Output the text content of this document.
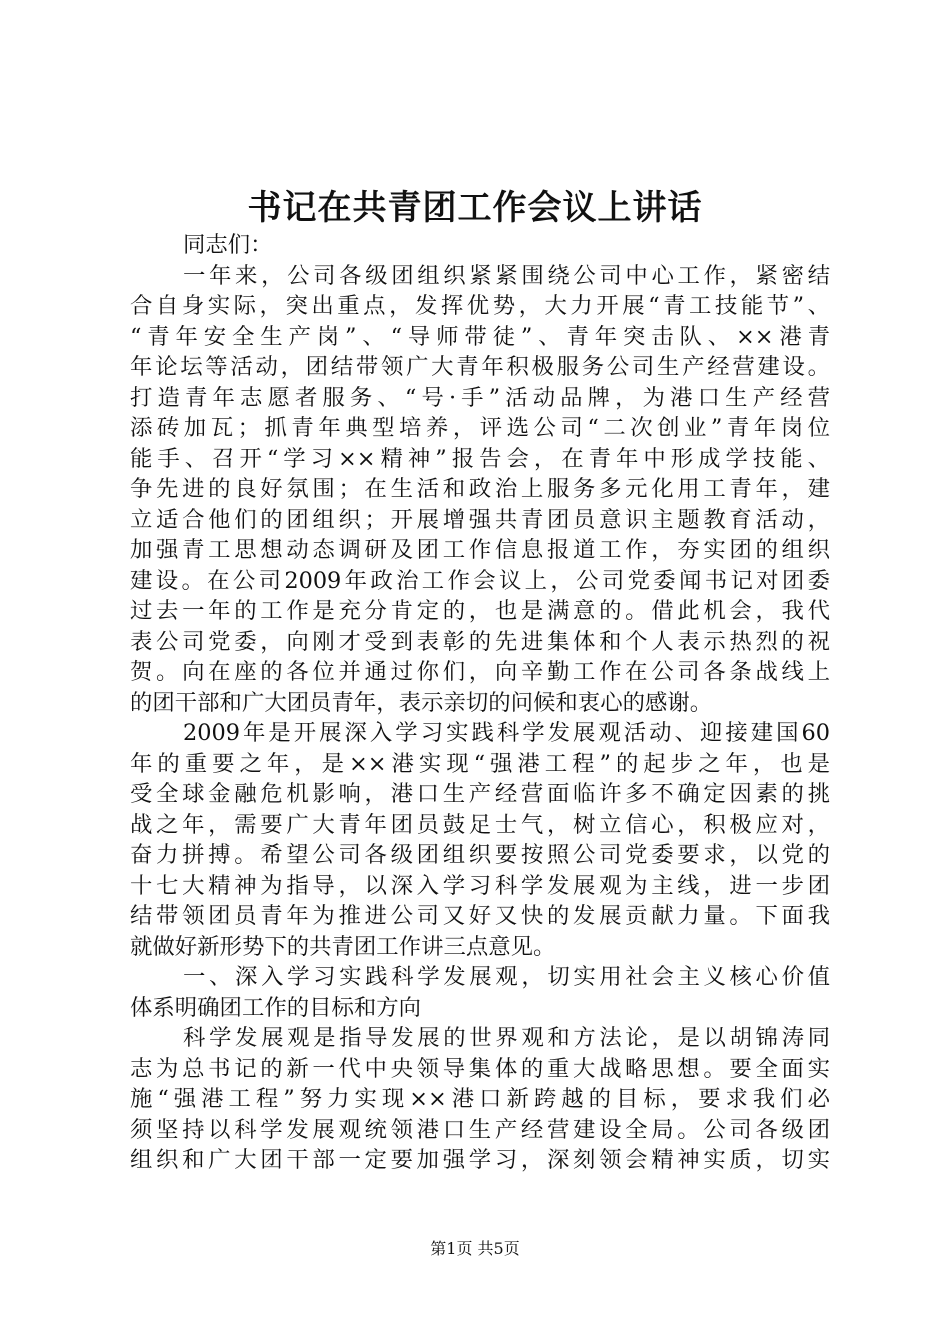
书记在共青团工作会议上讲话
同志们：
一年来，公司各级团组织紧紧围绕公司中心工作，紧密结
合自身实际，突出重点，发挥优势，大力开展“青工技能节”、
“青年安全生产岗”、“导师带徒”、青年突击队、××港青
年论坛等活动，团结带领广大青年积极服务公司生产经营建设。
打造青年志愿者服务、“号·手”活动品牌，为港口生产经营
添砖加瓦；抓青年典型培养，评选公司“二次创业”青年岗位
能手、召开“学习××精神”报告会，在青年中形成学技能、
争先进的良好氛围；在生活和政治上服务多元化用工青年，建
立适合他们的团组织；开展增强共青团员意识主题教育活动，
加强青工思想动态调研及团工作信息报道工作，夯实团的组织
建设。在公司2009年政治工作会议上，公司党委闻书记对团委
过去一年的工作是充分肯定的，也是满意的。借此机会，我代
表公司党委，向刚才受到表彰的先进集体和个人表示热烈的祝
贺。向在座的各位并通过你们，向辛勤工作在公司各条战线上
的团干部和广大团员青年，表示亲切的问候和衷心的感谢。
2009年是开展深入学习实践科学发展观活动、迎接建国60
年的重要之年，是××港实现“强港工程”的起步之年，也是
受全球金融危机影响，港口生产经营面临许多不确定因素的挑
战之年，需要广大青年团员鼓足士气，树立信心，积极应对，
奋力拼搏。希望公司各级团组织要按照公司党委要求，以党的
十七大精神为指导，以深入学习科学发展观为主线，进一步团
结带领团员青年为推进公司又好又快的发展贡献力量。下面我
就做好新形势下的共青团工作讲三点意见。
一、深入学习实践科学发展观，切实用社会主义核心价值
体系明确团工作的目标和方向
科学发展观是指导发展的世界观和方法论，是以胡锦涛同
志为总书记的新一代中央领导集体的重大战略思想。要全面实
施“强港工程”努力实现××港口新跨越的目标，要求我们必
须坚持以科学发展观统领港口生产经营建设全局。公司各级团
组织和广大团干部一定要加强学习，深刻领会精神实质，切实
第1页 共5页
